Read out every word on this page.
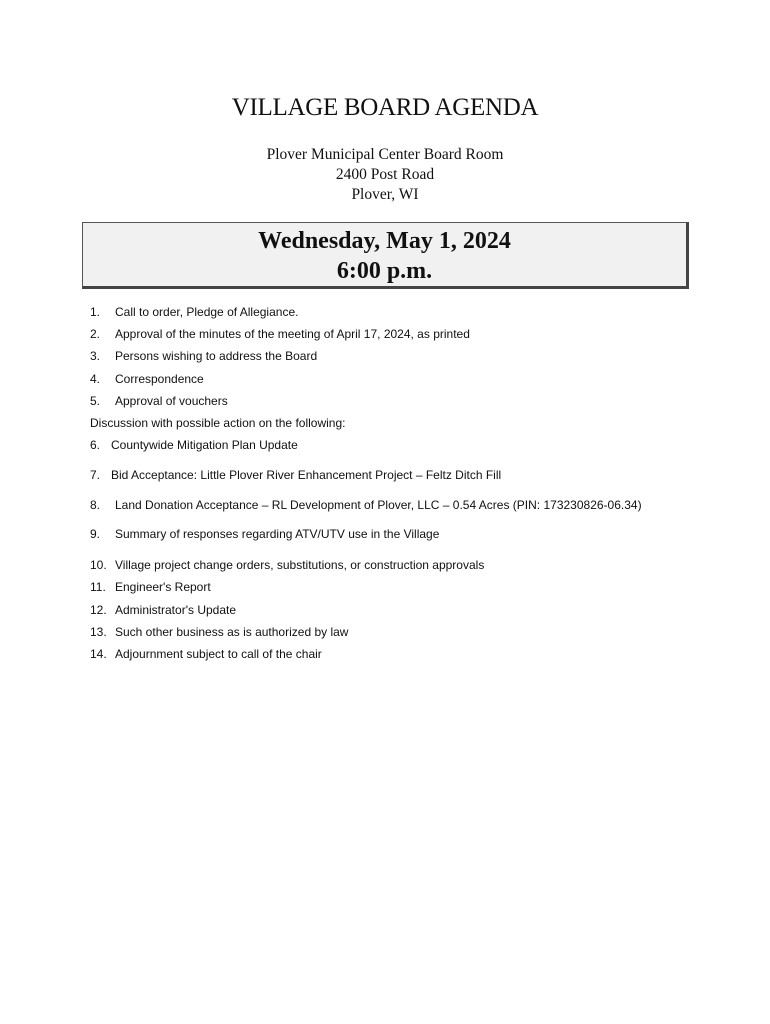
VILLAGE BOARD AGENDA
Plover Municipal Center Board Room
2400 Post Road
Plover, WI
Wednesday, May 1, 2024
6:00 p.m.
1. Call to order, Pledge of Allegiance.
2. Approval of the minutes of the meeting of April 17, 2024, as printed
3. Persons wishing to address the Board
4. Correspondence
5. Approval of vouchers
Discussion with possible action on the following:
6. Countywide Mitigation Plan Update
7. Bid Acceptance: Little Plover River Enhancement Project – Feltz Ditch Fill
8. Land Donation Acceptance – RL Development of Plover, LLC – 0.54 Acres (PIN: 173230826-06.34)
9. Summary of responses regarding ATV/UTV use in the Village
10. Village project change orders, substitutions, or construction approvals
11. Engineer's Report
12. Administrator's Update
13. Such other business as is authorized by law
14. Adjournment subject to call of the chair
